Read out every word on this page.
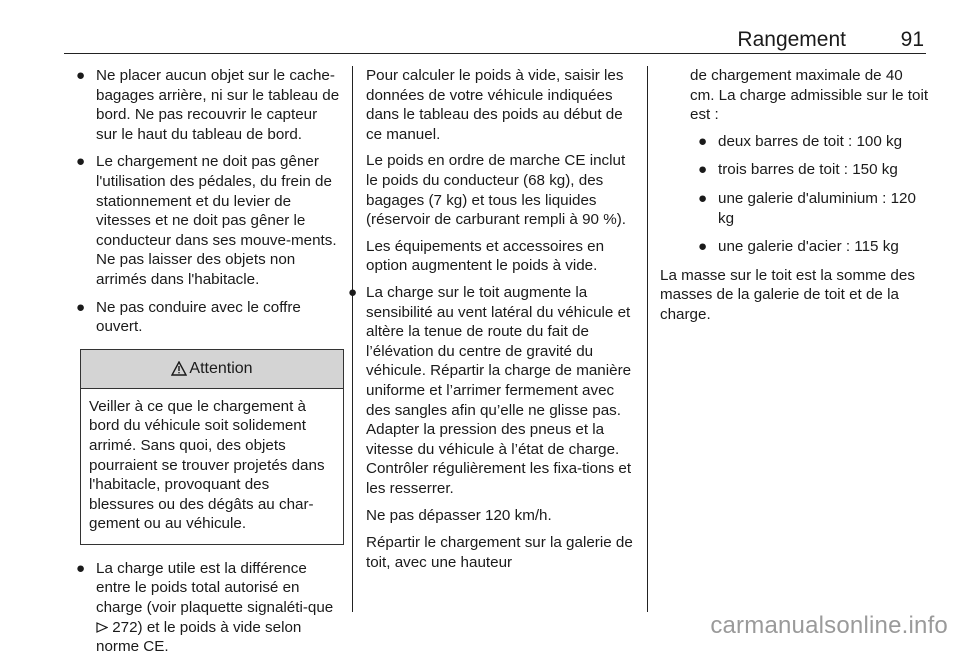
Rangement	91
● Ne placer aucun objet sur le cache-bagages arrière, ni sur le tableau de bord. Ne pas recouvrir le capteur sur le haut du tableau de bord.
● Le chargement ne doit pas gêner l'utilisation des pédales, du frein de stationnement et du levier de vitesses et ne doit pas gêner le conducteur dans ses mouve-ments. Ne pas laisser des objets non arrimés dans l'habitacle.
● Ne pas conduire avec le coffre ouvert.
Attention
Veiller à ce que le chargement à bord du véhicule soit solidement arrimé. Sans quoi, des objets pourraient se trouver projetés dans l'habitacle, provoquant des blessures ou des dégâts au char-gement ou au véhicule.
● La charge utile est la différence entre le poids total autorisé en charge (voir plaquette signaléti-que  272) et le poids à vide selon norme CE.

Pour calculer le poids à vide, saisir les données de votre véhicule indiquées dans le tableau des poids au début de ce manuel.

Le poids en ordre de marche CE inclut le poids du conducteur (68 kg), des bagages (7 kg) et tous les liquides (réservoir de carburant rempli à 90 %).

Les équipements et accessoires en option augmentent le poids à vide.

● La charge sur le toit augmente la sensibilité au vent latéral du véhicule et altère la tenue de route du fait de l’élévation du centre de gravité du véhicule. Répartir la charge de manière uniforme et l’arrimer fermement avec des sangles afin qu’elle ne glisse pas. Adapter la pression des pneus et la vitesse du véhicule à l’état de charge. Contrôler régulièrement les fixa-tions et les resserrer.

Ne pas dépasser 120 km/h.

Répartir le chargement sur la galerie de toit, avec une hauteur

de chargement maximale de 40 cm. La charge admissible sur le toit est :

● deux barres de toit : 100 kg
● trois barres de toit : 150 kg
● une galerie d'aluminium : 120 kg
● une galerie d'acier : 115 kg

La masse sur le toit est la somme des masses de la galerie de toit et de la charge.

carmanualsonline.info
